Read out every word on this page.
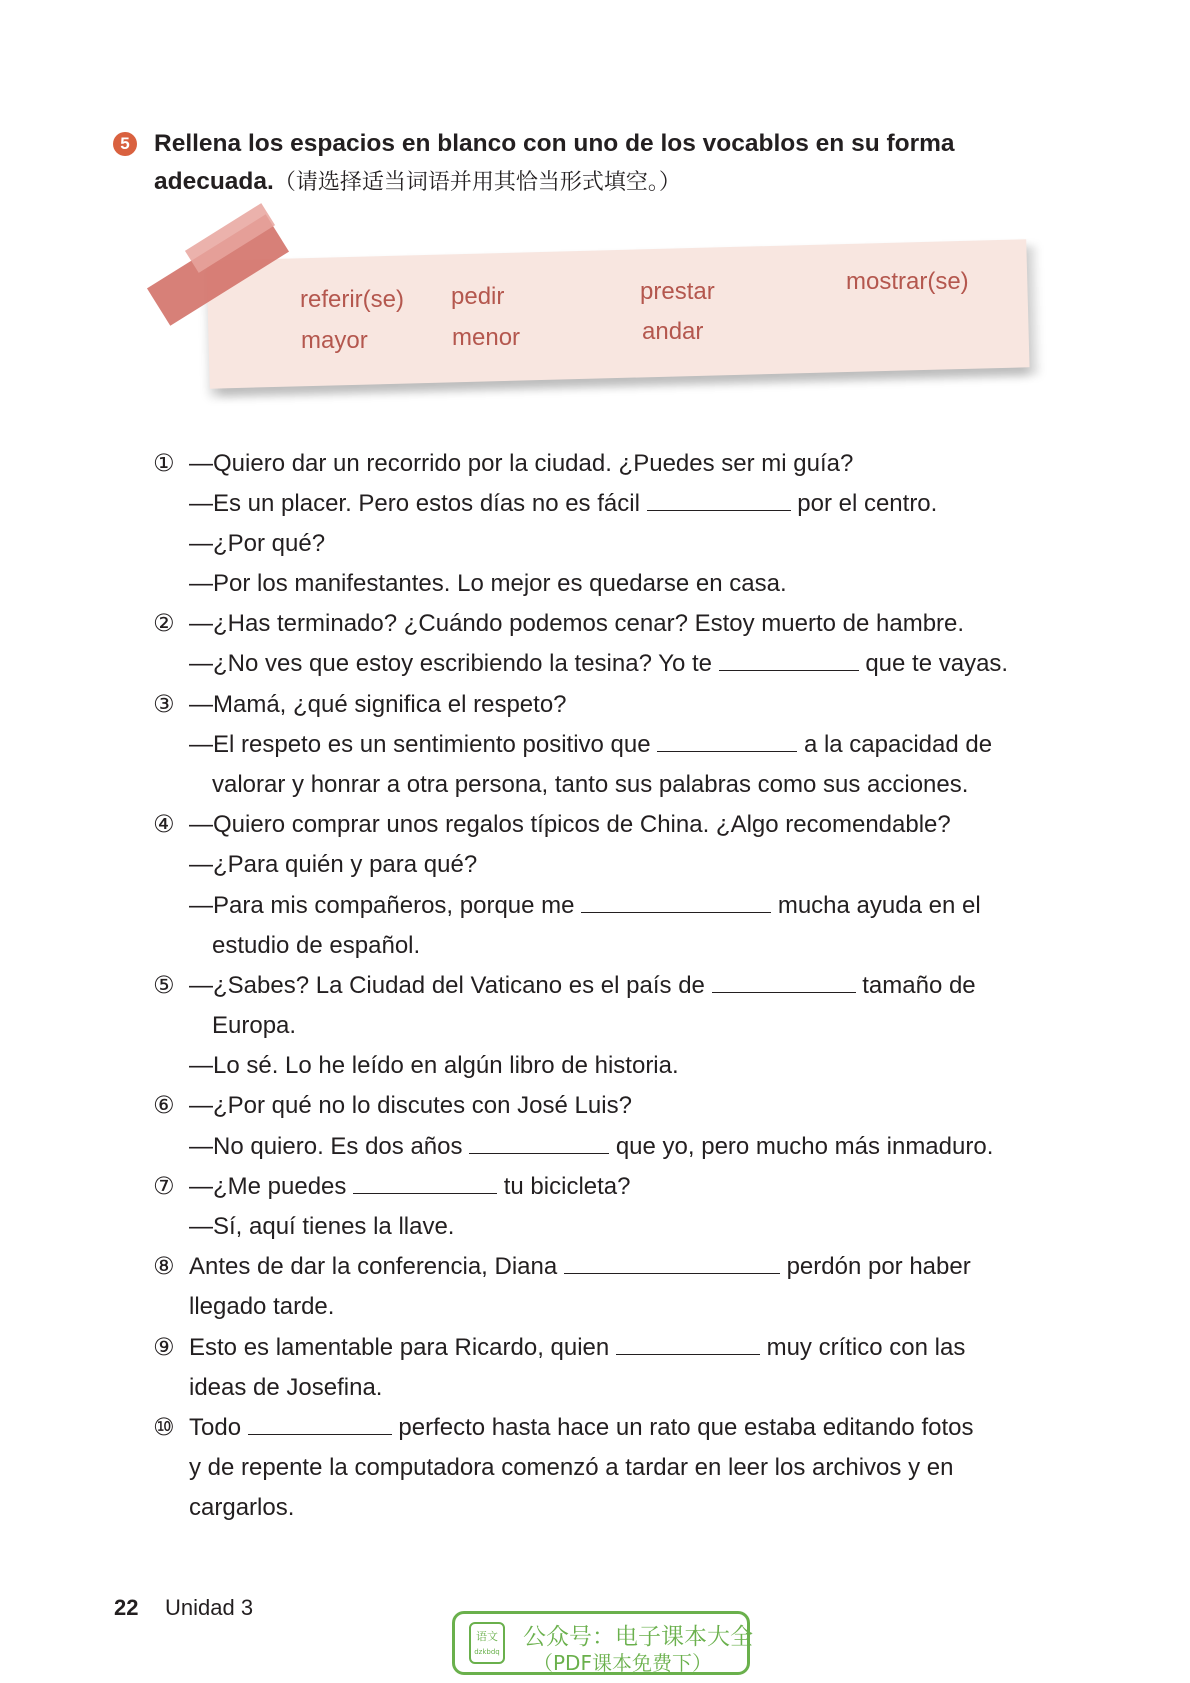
5 Rellena los espacios en blanco con uno de los vocablos en su forma
adecuada.（请选择适当词语并用其恰当形式填空。）
referir(se) pedir	prestar	mostrar(se)
mayor	menor	andar
① —Quiero dar un recorrido por la ciudad. ¿Puedes ser mi guía?
—Es un placer. Pero estos días no es fácil	por el centro.
—¿Por qué?
—Por los manifestantes. Lo mejor es quedarse en casa.
② —¿Has terminado? ¿Cuándo podemos cenar? Estoy muerto de hambre.
—¿No ves que estoy escribiendo la tesina? Yo te	que te vayas.
③ —Mamá, ¿qué significa el respeto?
—El respeto es un sentimiento positivo que	a la capacidad de
valorar y honrar a otra persona, tanto sus palabras como sus acciones.
④ —Quiero comprar unos regalos típicos de China. ¿Algo recomendable?
—¿Para quién y para qué?
—Para mis compañeros, porque me	mucha ayuda en el
estudio de español.
⑤ —¿Sabes? La Ciudad del Vaticano es el país de	tamaño de
Europa.
—Lo sé. Lo he leído en algún libro de historia.
⑥ —¿Por qué no lo discutes con José Luis?
—No quiero. Es dos años	que yo, pero mucho más inmaduro.
⑦ —¿Me puedes	tu bicicleta?
—Sí, aquí tienes la llave.
⑧ Antes de dar la conferencia, Diana	perdón por haber
llegado tarde.
⑨ Esto es lamentable para Ricardo, quien	muy crítico con las
ideas de Josefina.
⑩ Todo	perfecto hasta hace un rato que estaba editando fotos
y de repente la computadora comenzó a tardar en leer los archivos y en
cargarlos.
22 Unidad 3
语文
dzkbdq
公众号：电子课本大全
（PDF课本免费下）
